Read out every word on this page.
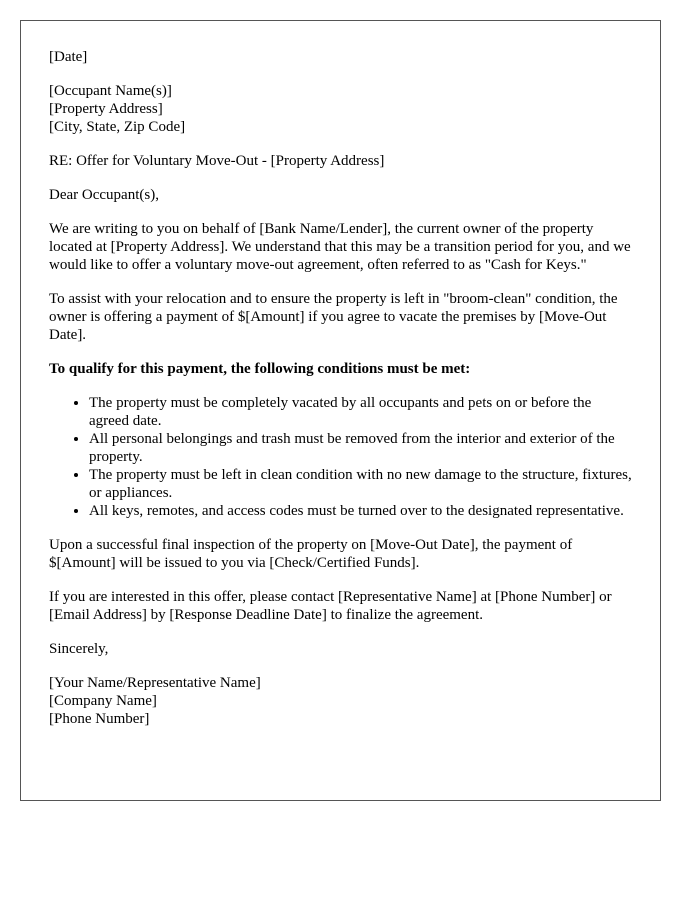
[Date]

[Occupant Name(s)]
[Property Address]
[City, State, Zip Code]

RE: Offer for Voluntary Move-Out - [Property Address]

Dear Occupant(s),

We are writing to you on behalf of [Bank Name/Lender], the current owner of the property located at [Property Address]. We understand that this may be a transition period for you, and we would like to offer a voluntary move-out agreement, often referred to as "Cash for Keys."

To assist with your relocation and to ensure the property is left in "broom-clean" condition, the owner is offering a payment of $[Amount] if you agree to vacate the premises by [Move-Out Date].

To qualify for this payment, the following conditions must be met:

• The property must be completely vacated by all occupants and pets on or before the agreed date.
• All personal belongings and trash must be removed from the interior and exterior of the property.
• The property must be left in clean condition with no new damage to the structure, fixtures, or appliances.
• All keys, remotes, and access codes must be turned over to the designated representative.

Upon a successful final inspection of the property on [Move-Out Date], the payment of $[Amount] will be issued to you via [Check/Certified Funds].

If you are interested in this offer, please contact [Representative Name] at [Phone Number] or [Email Address] by [Response Deadline Date] to finalize the agreement.

Sincerely,

[Your Name/Representative Name]
[Company Name]
[Phone Number]
